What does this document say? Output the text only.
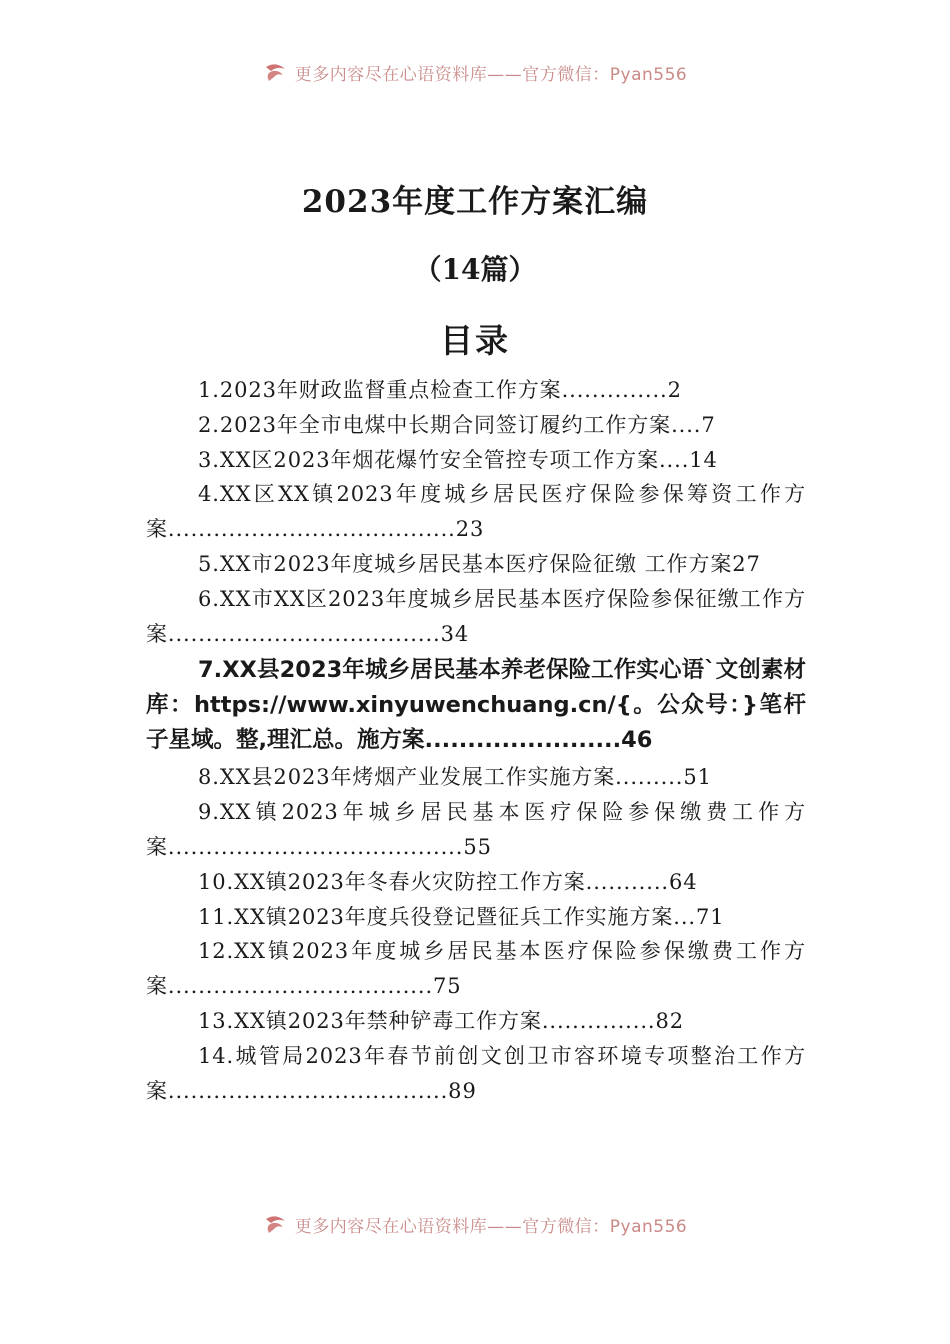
更多内容尽在心语资料库——官方微信：Pyan556
2023年度工作方案汇编
（14篇）
目录
1.2023年财政监督重点检查工作方案..............2
2.2023年全市电煤中长期合同签订履约工作方案....7
3.XX区2023年烟花爆竹安全管控专项工作方案....14
4.XX区XX镇2023年度城乡居民医疗保险参保筹资工作方案......................................23
5.XX市2023年度城乡居民基本医疗保险征缴 工作方案27
6.XX市XX区2023年度城乡居民基本医疗保险参保征缴工作方案....................................34
7.XX县2023年城乡居民基本养老保险工作实心语`文创素材库：https://www.xinyuwenchuang.cn/{。公众号：}笔杆子星域。整,理汇总。施方案.......................46
8.XX县2023年烤烟产业发展工作实施方案.........51
9.XX镇2023年城乡居民基本医疗保险参保缴费工作方案.......................................55
10.XX镇2023年冬春火灾防控工作方案...........64
11.XX镇2023年度兵役登记暨征兵工作实施方案...71
12.XX镇2023年度城乡居民基本医疗保险参保缴费工作方案...................................75
13.XX镇2023年禁种铲毒工作方案...............82
14.城管局2023年春节前创文创卫市容环境专项整治工作方案.....................................89
更多内容尽在心语资料库——官方微信：Pyan556
